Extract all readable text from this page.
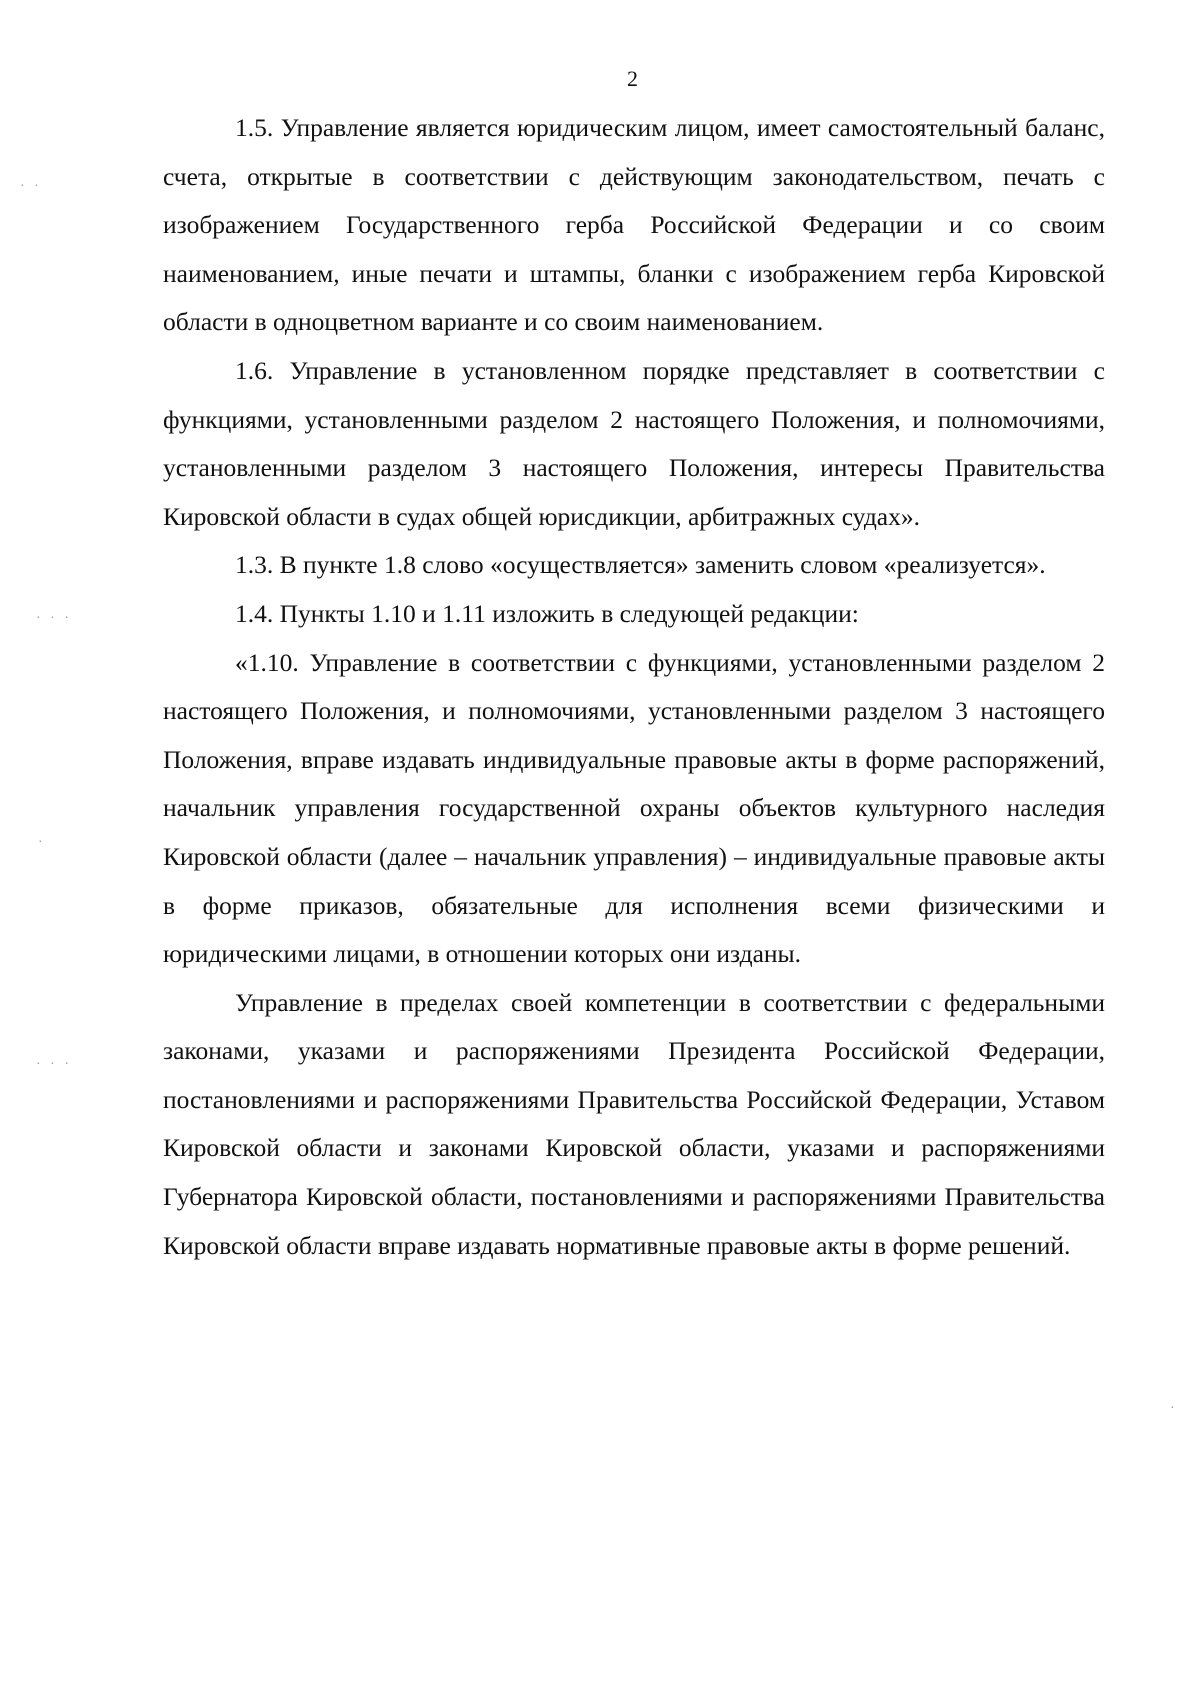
2

1.5. Управление является юридическим лицом, имеет самостоятельный баланс, счета, открытые в соответствии с действующим законодательством, печать с изображением Государственного герба Российской Федерации и со своим наименованием, иные печати и штампы, бланки с изображением герба Кировской области в одноцветном варианте и со своим наименованием.

1.6. Управление в установленном порядке представляет в соответствии с функциями, установленными разделом 2 настоящего Положения, и полномочиями, установленными разделом 3 настоящего Положения, интересы Правительства Кировской области в судах общей юрисдикции, арбитражных судах».

1.3. В пункте 1.8 слово «осуществляется» заменить словом «реализуется».

1.4. Пункты 1.10 и 1.11 изложить в следующей редакции:

«1.10. Управление в соответствии с функциями, установленными разделом 2 настоящего Положения, и полномочиями, установленными разделом 3 настоящего Положения, вправе издавать индивидуальные правовые акты в форме распоряжений, начальник управления государственной охраны объектов культурного наследия Кировской области (далее – начальник управления) – индивидуальные правовые акты в форме приказов, обязательные для исполнения всеми физическими и юридическими лицами, в отношении которых они изданы.

Управление в пределах своей компетенции в соответствии с федеральными законами, указами и распоряжениями Президента Российской Федерации, постановлениями и распоряжениями Правительства Российской Федерации, Уставом Кировской области и законами Кировской области, указами и распоряжениями Губернатора Кировской области, постановлениями и распоряжениями Правительства Кировской области вправе издавать нормативные правовые акты в форме решений.

· ·
· · ·
·
· · ·
·
